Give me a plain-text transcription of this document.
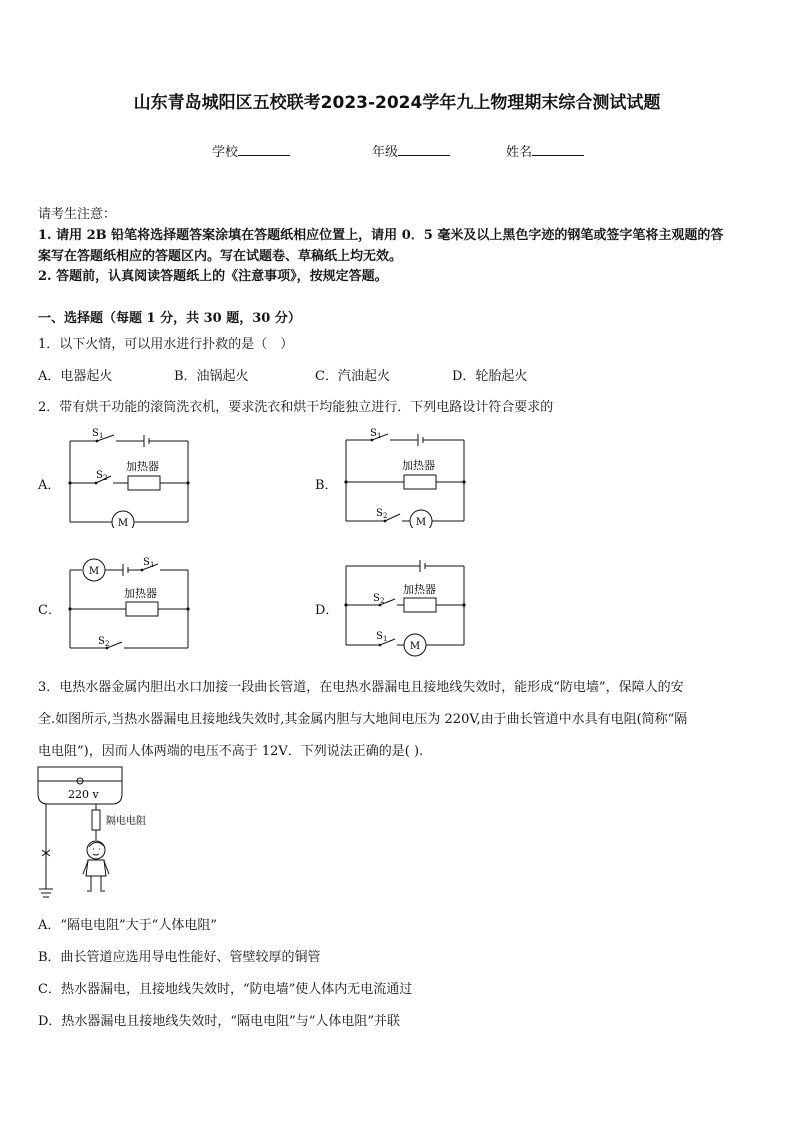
山东青岛城阳区五校联考2023-2024学年九上物理期末综合测试试题
学校	年级	姓名
请考生注意：
1. 请用 2B 铅笔将选择题答案涂填在答题纸相应位置上，请用 0．5 毫米及以上黑色字迹的钢笔或签字笔将主观题的答
案写在答题纸相应的答题区内。写在试题卷、草稿纸上均无效。
2. 答题前，认真阅读答题纸上的《注意事项》，按规定答题。
一、选择题（每题 1 分，共 30 题，30 分）
1．以下火情，可以用水进行扑救的是（　）
A．电器起火	B．油锅起火	C．汽油起火	D．轮胎起火
2．带有烘干功能的滚筒洗衣机，要求洗衣和烘干均能独立进行．下列电路设计符合要求的
A．	B．
C．	D．
S 1
S 2
加热器
M
S 1
S 2
加热器
M
M
S 1
S 2
加热器	S 2
S 1
加热器
M
3．电热水器金属内胆出水口加接一段曲长管道，在电热水器漏电且接地线失效时，能形成“防电墙”，保障人的安
全.如图所示,当热水器漏电且接地线失效时,其金属内胆与大地间电压为 220V,由于曲长管道中水具有电阻(简称“隔
电电阻”)，因而人体两端的电压不高于 12V．下列说法正确的是( ).
220 v
隔电电阻
A．“隔电电阻”大于“人体电阻”
B．曲长管道应选用导电性能好、管壁较厚的铜管
C．热水器漏电，且接地线失效时，“防电墙”使人体内无电流通过
D．热水器漏电且接地线失效时，“隔电电阻”与“人体电阻”并联
